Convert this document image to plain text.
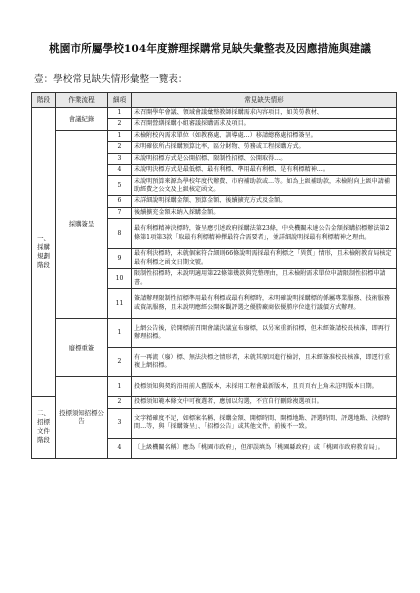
桃園市所屬學校104年度辦理採購常見缺失彙整表及因應措施與建議
壹：學校常見缺失情形彙整一覽表：
階段	作業流程	細項	常見缺失情形
一、採購規劃階段	會議紀錄	1	未召開學年會議、領域會議彙整教師採購需求內容項目，如美勞教材、
		2	未召開營繕採購小組審議採購需求及項目。
	採購簽呈	1	未檢附校內需求單位（如教務處、訓導處…）移請總務處招標簽呈。
		2	未明確依所占採購預算比率，區分財物、勞務或工程採購方式。
		3	未說明招標方式是公開招標、限制性招標、公開取得…。
		4	未說明決標方式是最低標、最有利標、準用最有利標、是有利標精神…。
		5	未說明預算來源為學校年度代辦費、市府補助款或…等。如為上級補助款，未檢附向上級申請補助經費之公文及上級核定函文。
		6	未詳細說明採購金額、預算金額、後續擴充方式及金額。
		7	後續擴充金額未納入採購金額。
		8	最有利標精神決標時，簽呈應引述政府採購法第23條，中央機關未達公告金額採購招標辦法第2條第1項第3款「取最有利標精神擇最符合需要者」，並詳細說明採最有利標精神之理由。
		9	最有利決標時，未就個案符合細則66條說明需採最有利標之「異質」情形，且未檢附教育局核定最有利標之函文日期文號。
		10	限制性招標時，未說明適用第22條第幾款與完整理由，且未檢附需求單位申請限制性招標申請書。
		11	簽請辦理限制性招標準用最有利標或最有利標時，未明確說明採購標的係屬專業服務、技術服務或資訊服務，且未說明應經公開客觀評選之優勝廠商依優勝序位進行議價方式辦理。
	廢標重簽	1	上網公告後，於開標前召開會議決議宣布廢標，以另案重新招標，但未經簽請校長核准，即再行辦理招標。
		2	有一再流（廢）標、無法決標之情形者，未就其原因進行檢討，且未經簽准校長核准，即逕行重複上網招標。
	投標須知招標公告	1	投標須知與契約沿用前人舊版本，未採用工程會最新版本，且頁頁右上角未註明版本日期。
二、招標文件階段		2	投標須知範本條文中可複選者，應加以勾選，不宜自行刪除複選項目。
		3	文字精確度不足，如標案名稱、採購金額、開標時間、開標地點、評選時間、評選地點、決標時間…等，與「採購簽呈」、「招標公告」或其他文件，前後不一致。
		4	〔上級機關名稱〕應為「桃園市政府」，但卻誤填為「桃園縣政府」或「桃園市政府教育局」。
